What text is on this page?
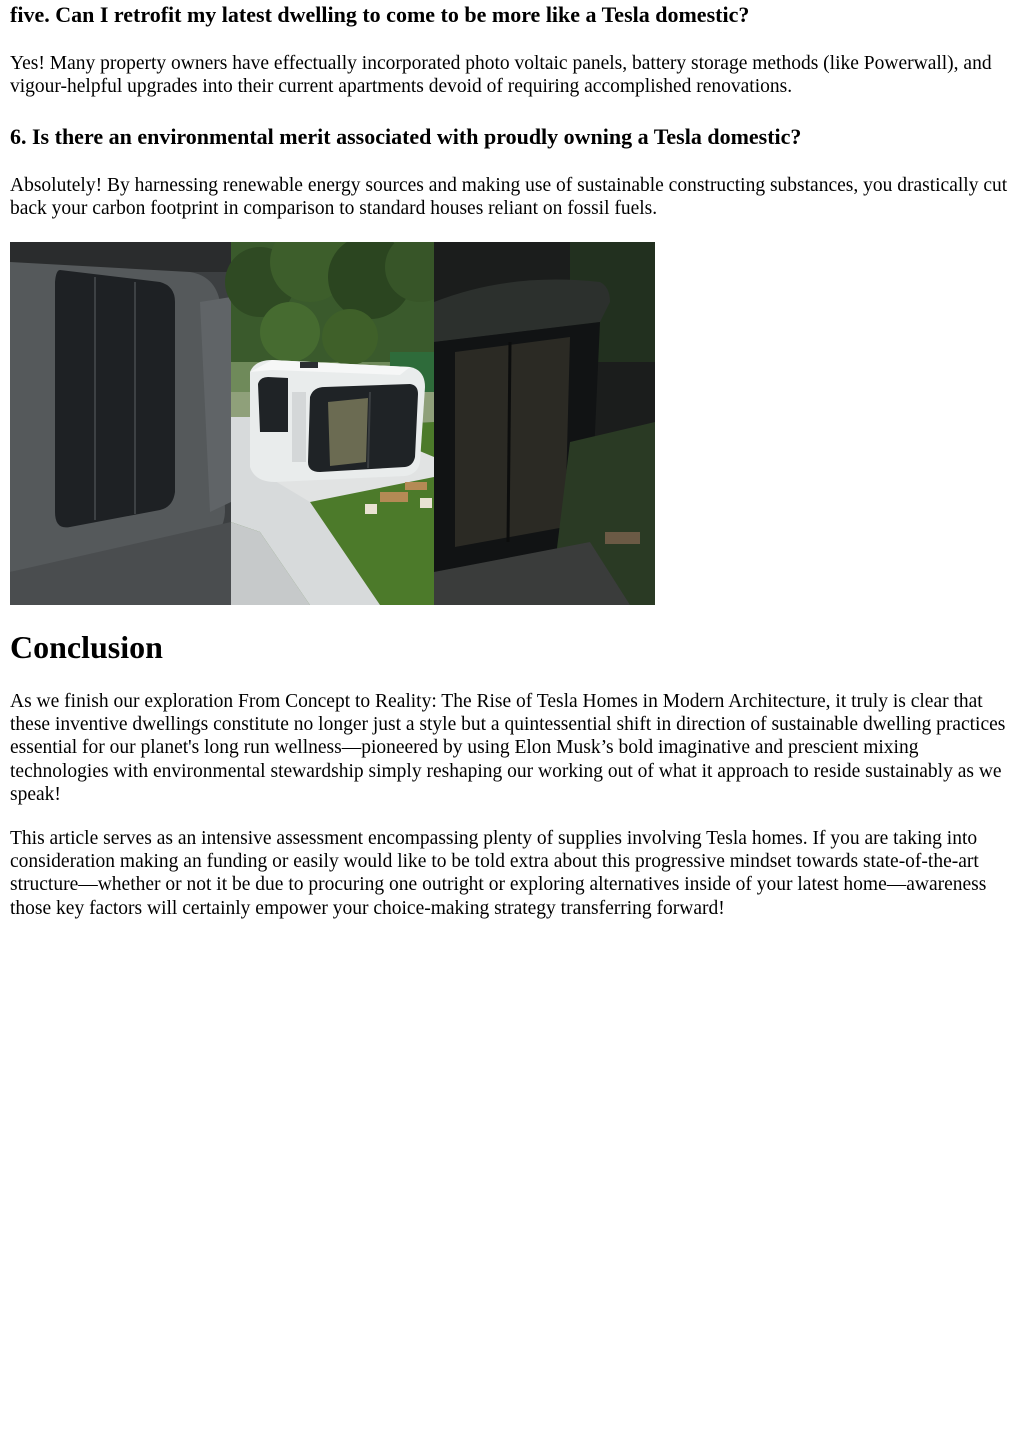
five. Can I retrofit my latest dwelling to come to be more like a Tesla domestic?

Yes! Many property owners have effectually incorporated photo voltaic panels, battery storage methods (like Powerwall), and vigour-helpful upgrades into their current apartments devoid of requiring accomplished renovations.

6. Is there an environmental merit associated with proudly owning a Tesla domestic?

Absolutely! By harnessing renewable energy sources and making use of sustainable constructing substances, you drastically cut back your carbon footprint in comparison to standard houses reliant on fossil fuels.

Conclusion

As we finish our exploration From Concept to Reality: The Rise of Tesla Homes in Modern Architecture, it truly is clear that these inventive dwellings constitute no longer just a style but a quintessential shift in direction of sustainable dwelling practices essential for our planet's long run wellness—pioneered by using Elon Musk’s bold imaginative and prescient mixing technologies with environmental stewardship simply reshaping our working out of what it approach to reside sustainably as we speak!

This article serves as an intensive assessment encompassing plenty of supplies involving Tesla homes. If you are taking into consideration making an funding or easily would like to be told extra about this progressive mindset towards state-of-the-art structure—whether or not it be due to procuring one outright or exploring alternatives inside of your latest home—awareness those key factors will certainly empower your choice-making strategy transferring forward!
